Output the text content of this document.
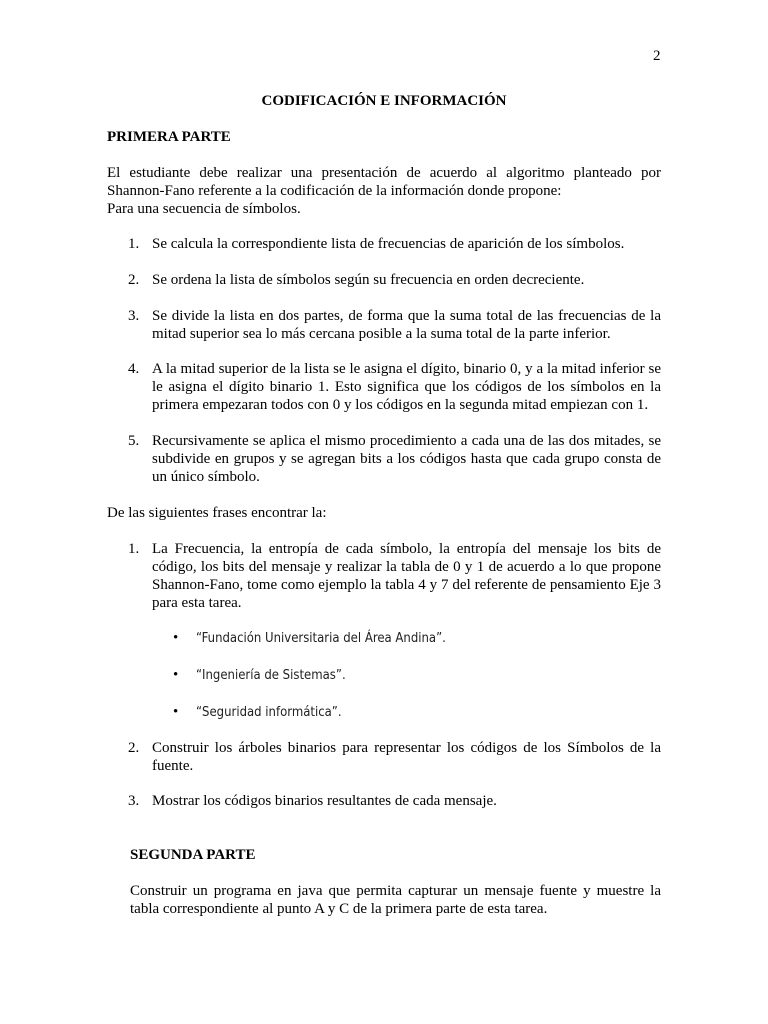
2
CODIFICACIÓN E INFORMACIÓN
PRIMERA PARTE
El estudiante debe realizar una presentación de acuerdo al algoritmo planteado por Shannon-Fano referente a la codificación de la información donde propone:
Para una secuencia de símbolos.
1. Se calcula la correspondiente lista de frecuencias de aparición de los símbolos.
2. Se ordena la lista de símbolos según su frecuencia en orden decreciente.
3. Se divide la lista en dos partes, de forma que la suma total de las frecuencias de la mitad superior sea lo más cercana posible a la suma total de la parte inferior.
4. A la mitad superior de la lista se le asigna el dígito, binario 0, y a la mitad inferior se le asigna el dígito binario 1. Esto significa que los códigos de los símbolos en la primera empezaran todos con 0 y los códigos en la segunda mitad empiezan con 1.
5. Recursivamente se aplica el mismo procedimiento a cada una de las dos mitades, se subdivide en grupos y se agregan bits a los códigos hasta que cada grupo consta de un único símbolo.
De las siguientes frases encontrar la:
1. La Frecuencia, la entropía de cada símbolo, la entropía del mensaje los bits de código, los bits del mensaje y realizar la tabla de 0 y 1 de acuerdo a lo que propone Shannon-Fano, tome como ejemplo la tabla 4 y 7 del referente de pensamiento Eje 3 para esta tarea.
• “Fundación Universitaria del Área Andina”.
• “Ingeniería de Sistemas”.
• “Seguridad informática”.
2. Construir los árboles binarios para representar los códigos de los Símbolos de la fuente.
3. Mostrar los códigos binarios resultantes de cada mensaje.
SEGUNDA PARTE
Construir un programa en java que permita capturar un mensaje fuente y muestre la tabla correspondiente al punto A y C de la primera parte de esta tarea.
